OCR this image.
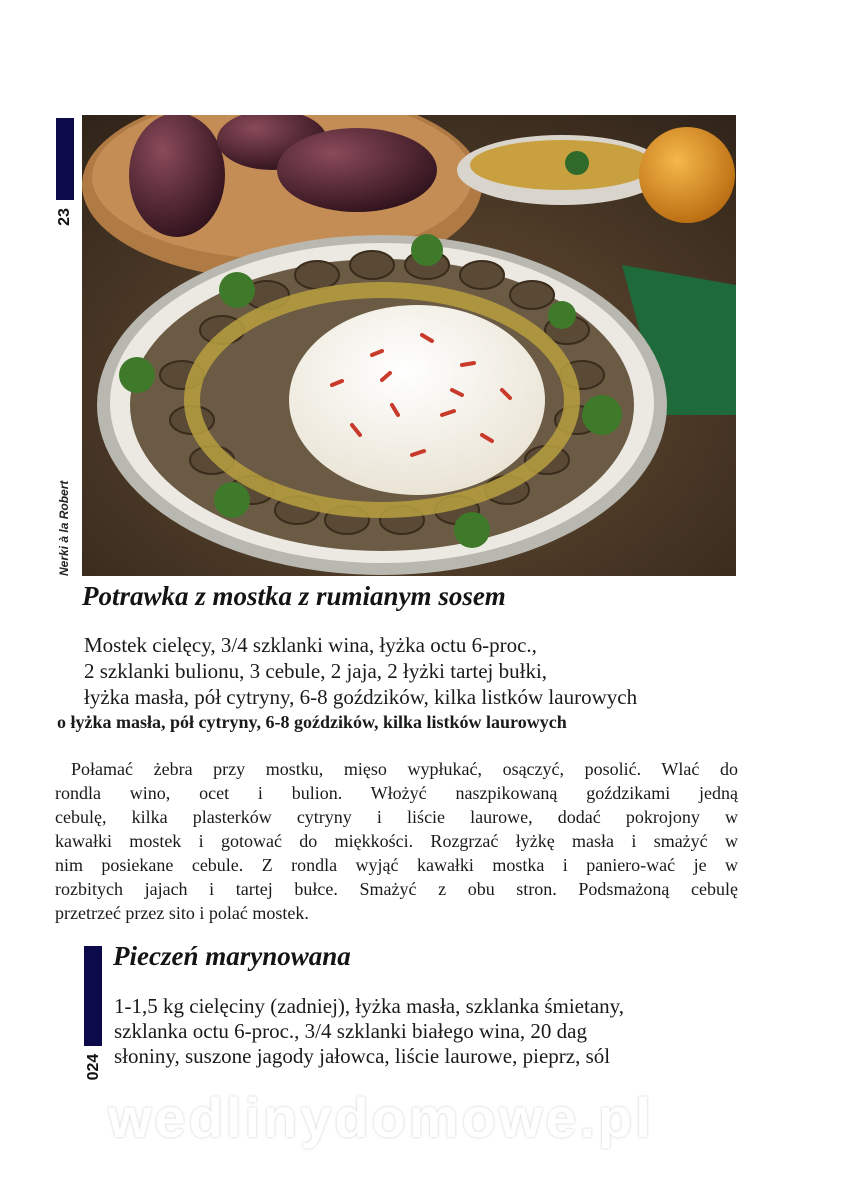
23
Nerki à la Robert
Potrawka z mostka z rumianym sosem
Mostek cielęcy, 3/4 szklanki wina, łyżka octu 6-proc.,
2 szklanki bulionu, 3 cebule, 2 jaja, 2 łyżki tartej bułki,
łyżka masła, pół cytryny, 6-8 goździków, kilka listków laurowych
o łyżka masła, pół cytryny, 6-8 goździków, kilka listków laurowych
Połamać żebra przy mostku, mięso wypłukać, osączyć, posolić. Wlać do
rondla wino, ocet i bulion. Włożyć naszpikowaną goździkami jedną
cebulę, kilka plasterków cytryny i liście laurowe, dodać pokrojony w
kawałki mostek i gotować do miękkości. Rozgrzać łyżkę masła i smażyć w
nim posiekane cebule. Z rondla wyjąć kawałki mostka i paniero-wać je w
rozbitych jajach i tartej bułce. Smażyć z obu stron. Podsmażoną cebulę
przetrzeć przez sito i polać mostek.
024
Pieczeń marynowana
1-1,5 kg cielęciny (zadniej), łyżka masła, szklanka śmietany,
szklanka octu 6-proc., 3/4 szklanki białego wina, 20 dag
słoniny, suszone jagody jałowca, liście laurowe, pieprz, sól
wedlinydomowe.pl
